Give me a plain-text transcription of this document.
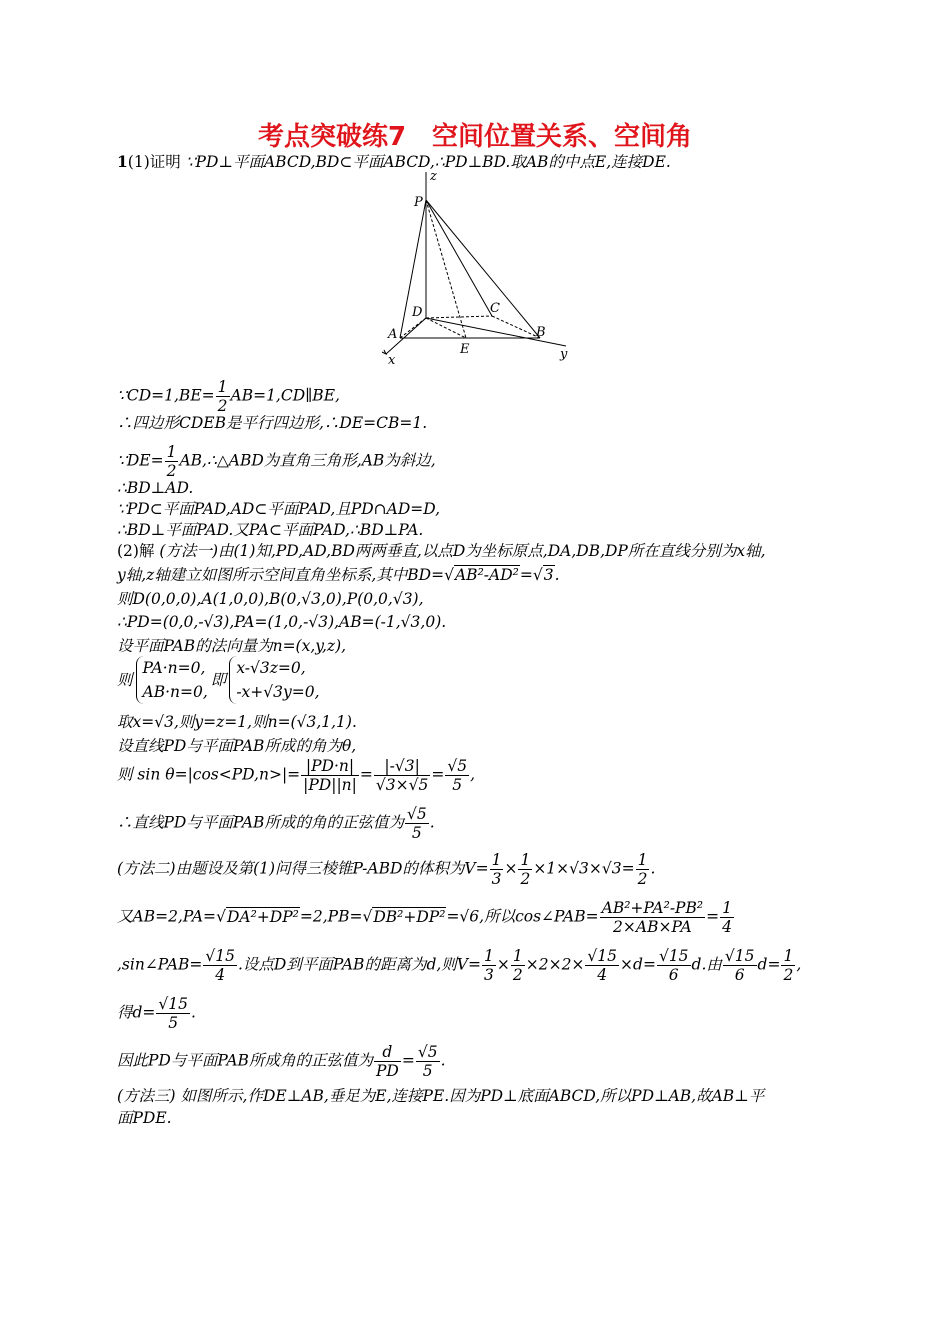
考点突破练7　空间位置关系、空间角
1(1)证明 ∵PD⊥平面ABCD,BD⊂平面ABCD,∴PD⊥BD.取AB的中点E,连接DE.
z
P
D	C
A	B
E
x	y
∵CD=1,BE= $\frac{1}{2}$ AB=1,CD∥BE,
∴四边形CDEB是平行四边形,∴DE=CB=1.
∵DE= $\frac{1}{2}$ AB,∴△ABD为直角三角形,AB为斜边,
∴BD⊥AD.
∵PD⊂平面PAD,AD⊂平面PAD,且PD∩AD=D,
∴BD⊥平面PAD.又PA⊂平面PAD,∴BD⊥PA.
(2)解 (方法一)由(1)知,PD,AD,BD两两垂直,以点D为坐标原点,DA,DB,DP所在直线分别为x轴,
y轴,z轴建立如图所示空间直角坐标系,其中BD=√AB²-AD²=√3.
则D(0,0,0),A(1,0,0),B(0,√3,0),P(0,0,√3),
∴PD=(0,0,-√3),PA=(1,0,-√3),AB=(-1,√3,0).
设平面PAB的法向量为n=(x,y,z),
则
PA·n=0,
AB·n=0,
即
x-√3z=0,
-x+√3y=0,
取x=√3,则y=z=1,则n=(√3,1,1).
设直线PD与平面PAB所成的角为θ,
则 $\sin \theta=|\cos<PD,n>|= \frac{|PD\cdot n|}{|PD||n|} = \frac{|-√3|}{√3\times√5} = \frac{√5}{5}$ ,
∴直线PD与平面PAB所成的角的正弦值为 $\frac{√5}{5}$ .
(方法二)由题设及第(1)问得三棱锥P-ABD的体积为$V= \frac{1}{3} \times \frac{1}{2} \times 1\times√3\times√3= \frac{1}{2}$ .
又AB=2,PA=√DA²+DP²=2,PB=√DB²+DP²=√6,所以cos∠PAB= $\frac{\text{AB²+PA²-PB²}}{2\times AB\times PA} = \frac{1}{4}$
,sin∠PAB= $\frac{√15}{4}$ .设点D到平面PAB的距离为d,则$V= \frac{1}{3} \times \frac{1}{2} \times 2\times 2\times \frac{√15}{4} \times d= \frac{√15}{6} d$.由 $\frac{√15}{6} d= \frac{1}{2}$ ,
得$d= \frac{√15}{5}$ .
因此PD与平面PAB所成角的正弦值为 $\frac{d}{PD} = \frac{√5}{5}$ .
(方法三) 如图所示,作DE⊥AB,垂足为E,连接PE.因为PD⊥底面ABCD,所以PD⊥AB,故AB⊥平
面PDE.
